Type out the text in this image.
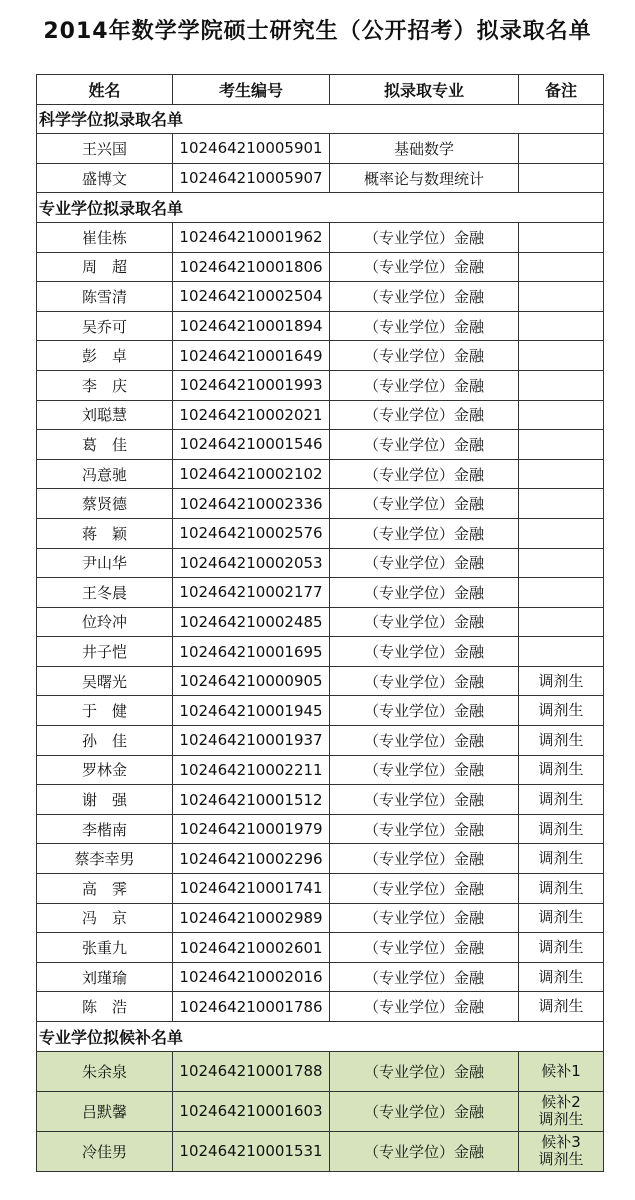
2014年数学学院硕士研究生（公开招考）拟录取名单
姓名	考生编号	拟录取专业	备注
科学学位拟录取名单			
王兴国	102464210005901	基础数学	

盛博文	102464210005907	概率论与数理统计	

专业学位拟录取名单			
崔佳栋	102464210001962	（专业学位）金融	

周　超	102464210001806	（专业学位）金融	

陈雪清	102464210002504	（专业学位）金融	

吴乔可	102464210001894	（专业学位）金融	

彭　卓	102464210001649	（专业学位）金融	

李　庆	102464210001993	（专业学位）金融	

刘聪慧	102464210002021	（专业学位）金融	

葛　佳	102464210001546	（专业学位）金融	

冯意驰	102464210002102	（专业学位）金融	

蔡贤德	102464210002336	（专业学位）金融	

蒋　颖	102464210002576	（专业学位）金融	

尹山华	102464210002053	（专业学位）金融	

王冬晨	102464210002177	（专业学位）金融	

位玲冲	102464210002485	（专业学位）金融	

井子恺	102464210001695	（专业学位）金融	

吴曙光	102464210000905	（专业学位）金融	调剂生

于　健	102464210001945	（专业学位）金融	调剂生

孙　佳	102464210001937	（专业学位）金融	调剂生

罗林金	102464210002211	（专业学位）金融	调剂生

谢　强	102464210001512	（专业学位）金融	调剂生

李楷南	102464210001979	（专业学位）金融	调剂生

蔡李幸男	102464210002296	（专业学位）金融	调剂生

高　霁	102464210001741	（专业学位）金融	调剂生

冯　京	102464210002989	（专业学位）金融	调剂生

张重九	102464210002601	（专业学位）金融	调剂生

刘瑾瑜	102464210002016	（专业学位）金融	调剂生

陈　浩	102464210001786	（专业学位）金融	调剂生

专业学位拟候补名单			
朱余泉	102464210001788	（专业学位）金融	候补1

吕默馨	102464210001603	（专业学位）金融	候补2
调剂生

冷佳男	102464210001531	（专业学位）金融	候补3
调剂生
